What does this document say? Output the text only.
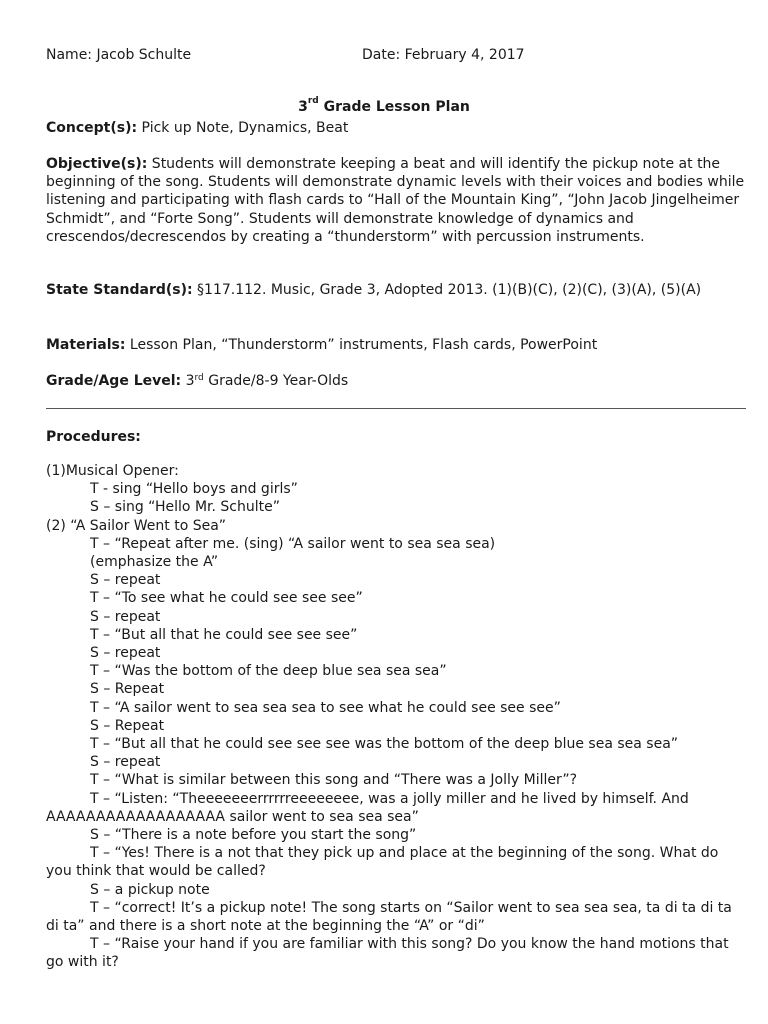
Name: Jacob Schulte	Date: February 4, 2017
3rd Grade Lesson Plan
Concept(s): Pick up Note, Dynamics, Beat
Objective(s): Students will demonstrate keeping a beat and will identify the pickup note at the beginning of the song. Students will demonstrate dynamic levels with their voices and bodies while listening and participating with flash cards to “Hall of the Mountain King”, “John Jacob Jingelheimer Schmidt”, and “Forte Song”. Students will demonstrate knowledge of dynamics and crescendos/decrescendos by creating a “thunderstorm” with percussion instruments.
State Standard(s): §117.112. Music, Grade 3, Adopted 2013. (1)(B)(C), (2)(C), (3)(A), (5)(A)
Materials: Lesson Plan, “Thunderstorm” instruments, Flash cards, PowerPoint
Grade/Age Level: 3rd Grade/8-9 Year-Olds
Procedures:
(1)Musical Opener:
T - sing “Hello boys and girls”
S – sing “Hello Mr. Schulte”
(2) “A Sailor Went to Sea”
T – “Repeat after me. (sing) “A sailor went to sea sea sea)
(emphasize the A”
S – repeat
T – “To see what he could see see see”
S – repeat
T – “But all that he could see see see”
S – repeat
T – “Was the bottom of the deep blue sea sea sea”
S – Repeat
T – “A sailor went to sea sea sea to see what he could see see see”
S – Repeat
T – “But all that he could see see see was the bottom of the deep blue sea sea sea”
S – repeat
T – “What is similar between this song and “There was a Jolly Miller”?
T – “Listen: “Theeeeeeerrrrrreeeeeeee, was a jolly miller and he lived by himself. And AAAAAAAAAAAAAAAAAA sailor went to sea sea sea”
S – “There is a note before you start the song”
T – “Yes! There is a not that they pick up and place at the beginning of the song. What do you think that would be called?
S – a pickup note
T – “correct! It’s a pickup note! The song starts on “Sailor went to sea sea sea, ta di ta di ta di ta” and there is a short note at the beginning the “A” or “di”
T – “Raise your hand if you are familiar with this song? Do you know the hand motions that go with it?
